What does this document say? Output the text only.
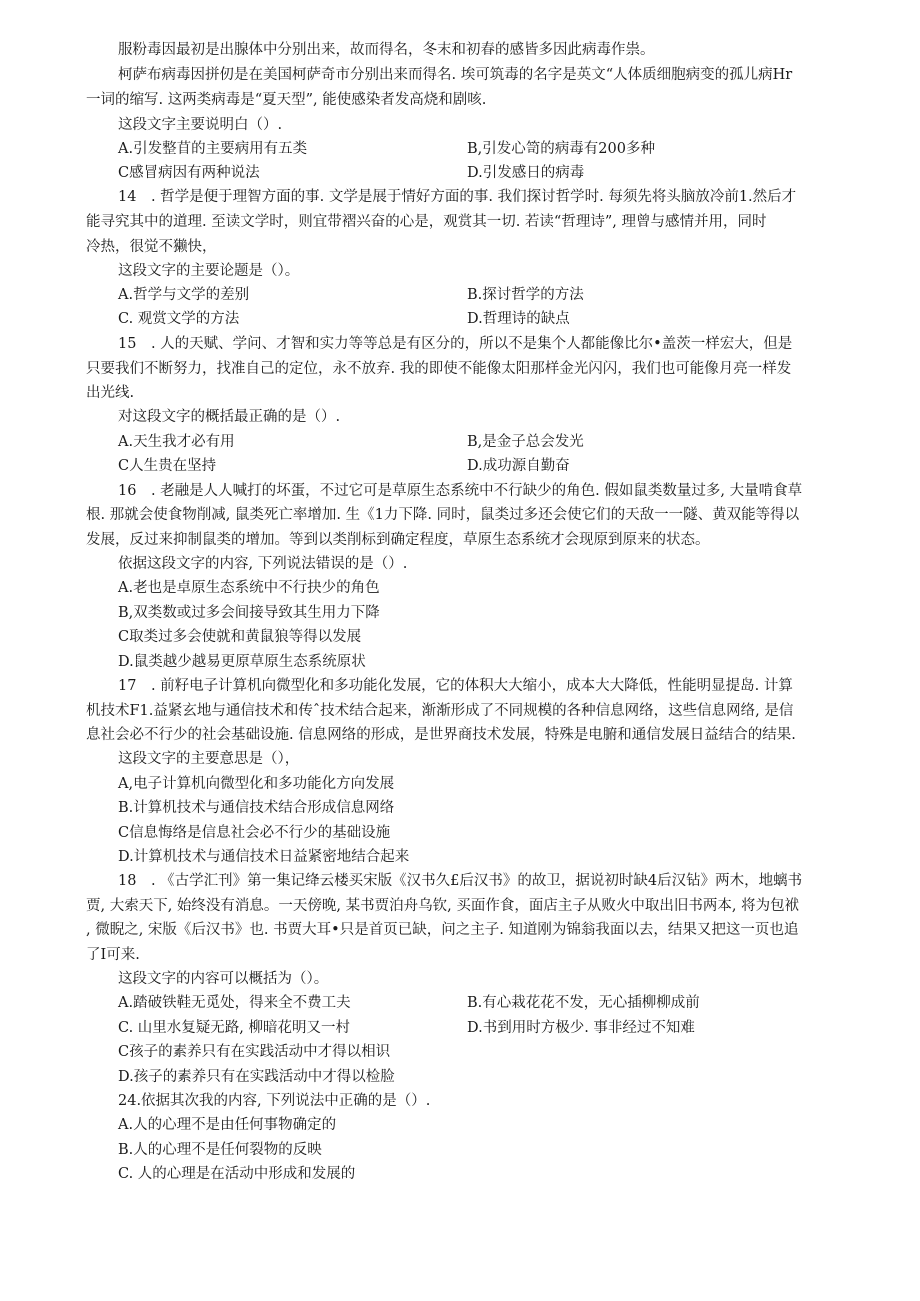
服粉毒因最初是出腺体中分别出来，故而得名，冬末和初春的感皆多因此病毒作祟。
柯萨布病毒因拼仞是在美国柯萨奇市分别出来而得名. 埃可筑毒的名字是英文“人体质细胞病变的孤儿病Hr
一词的缩写. 这两类病毒是“夏天型”, 能使感染者发高烧和剧咳.
这段文字主要说明白（）.
A.引发整苜的主要病用有五类	B,引发心笥的病毒有200多种
C感冒病因有两种说法	D.引发感日的病毒
14　. 哲学是便于理智方面的事. 文学是展于情好方面的事. 我们探讨哲学时. 每须先将头脑放冷前1.然后才
能寻究其中的道理. 至读文学时，则宜带褶兴奋的心是，观赏其一切. 若读“哲理诗”, 理曾与感情并用，同时
冷热，很觉不獭快，
这段文字的主要论题是（）。
A.哲学与文学的差别	B.探讨哲学的方法
C. 观赏文学的方法	D.哲理诗的缺点
15　. 人的天赋、学问、才智和实力等等总是有区分的，所以不是集个人都能像比尔•盖茨一样宏大，但是
只要我们不断努力，找准自己的定位，永不放弃. 我的即使不能像太阳那样金光闪闪，我们也可能像月亮一样发
出光线.
对这段文字的概括最正确的是（）.
A.天生我才必有用	B,是金子总会发光
C人生贵在坚持	D.成功源自勤奋
16　. 老融是人人喊打的坏蛋，不过它可是草原生态系统中不行缺少的角色. 假如鼠类数量过多, 大量啃食草
根. 那就会使食物削减, 鼠类死亡率增加. 生《1力下降. 同时，鼠类过多还会使它们的天敌一一隧、黄双能等得以
发展，反过来抑制鼠类的增加。等到以类削标到确定程度，草原生态系统才会现原到原来的状态。
依据这段文字的内容, 下列说法错误的是（）.
A.老也是卓原生态系统中不行抉少的角色
B,双类数或过多会间接导致其生用力下降
C取类过多会使就和黄鼠狼等得以发展
D.鼠类越少越易更原草原生态系统原状
17　. 前籽电子计算机向微型化和多功能化发展，它的体积大大缩小，成本大大降低，性能明显提岛. 计算
机技术F1.益紧玄地与通信技术和传ˆ技术结合起来，渐渐形成了不同规模的各种信息网络，这些信息网络, 是信
息社会必不行少的社会基础设施. 信息网络的形成，是世界商技术发展，特殊是电腑和通信发展日益结合的结果.
这段文字的主要意思是（），
A,电子计算机向微型化和多功能化方向发展
B.计算机技术与通信技术结合形成信息网络
C信息悔络是信息社会必不行少的基础设施
D.计算机技术与通信技术日益紧密地结合起来
18　. 《古学汇刊》第一集记绛云楼买宋版《汉书久£后汉书》的故卫，据说初时缺4后汉钻》两木，地螭书
贾, 大索天下, 始终没有消息。一天傍晚, 某书贾泊舟乌钦, 买面作食，面店主子从败火中取出旧书两本, 将为包袱
, 微睨之, 宋版《后汉书》也. 书贾大耳•只是首页已缺，问之主子. 知道刚为锦翁我面以去，结果又把这一页也追
了I可来.
这段文字的内容可以概括为（）。
A.踏破铁鞋无觅处，得来全不费工夫	B.有心栽花花不发，无心插柳柳成前
C. 山里水复疑无路, 柳暗花明又一村	D.书到用时方极少. 事非经过不知难
C孩子的素养只有在实践活动中才得以相识
D.孩子的素养只有在实践活动中才得以检脸
24.依据其次我的内容, 下列说法中正确的是（）.
A.人的心理不是由任何事物确定的
B.人的心理不是任何裂物的反映
C. 人的心理是在活动中形成和发展的
